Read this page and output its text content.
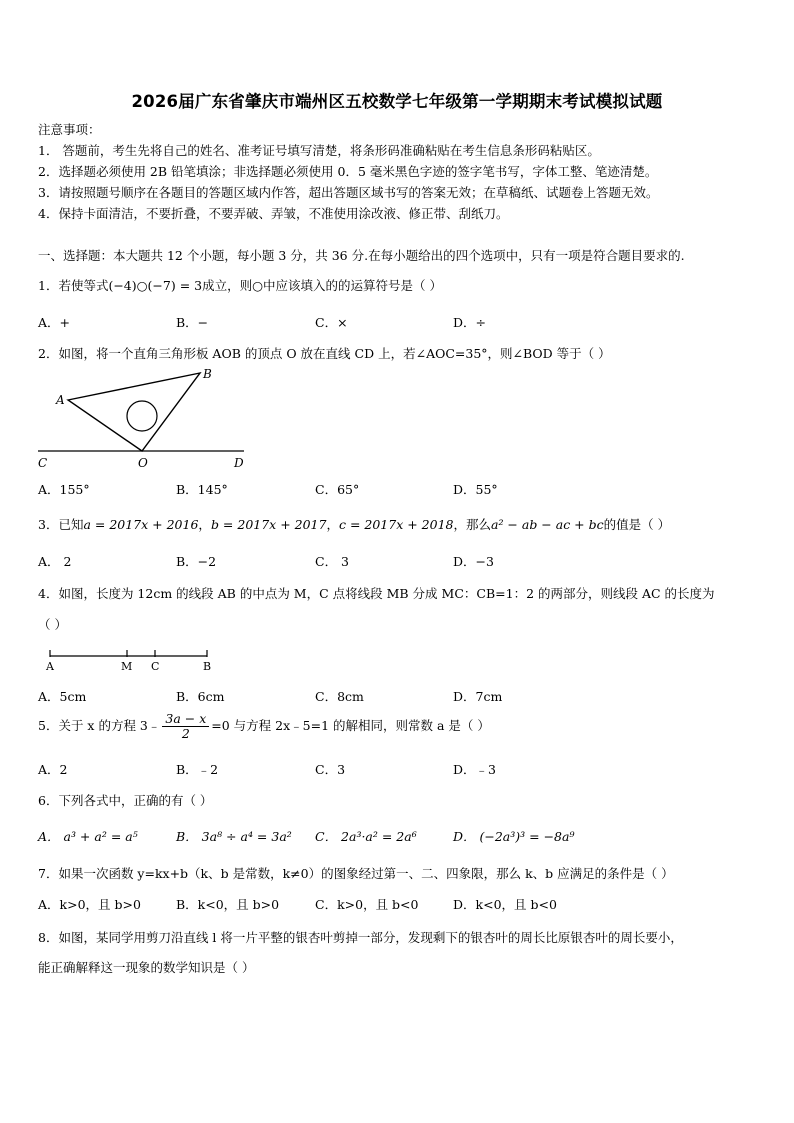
2026届广东省肇庆市端州区五校数学七年级第一学期期末考试模拟试题
注意事项：
1． 答题前，考生先将自己的姓名、准考证号填写清楚，将条形码准确粘贴在考生信息条形码粘贴区。
2．选择题必须使用 2B 铅笔填涂；非选择题必须使用 0．5 毫米黑色字迹的签字笔书写，字体工整、笔迹清楚。
3．请按照题号顺序在各题目的答题区域内作答，超出答题区域书写的答案无效；在草稿纸、试题卷上答题无效。
4．保持卡面清洁，不要折叠，不要弄破、弄皱，不准使用涂改液、修正带、刮纸刀。
一、选择题：本大题共 12 个小题，每小题 3 分，共 36 分.在每小题给出的四个选项中，只有一项是符合题目要求的.
1．若使等式(−4)○(−7) = 3成立，则○中应该填入的的运算符号是（ ）
A．+	B．−	C．×	D．÷
2．如图，将一个直角三角形板 AOB 的顶点 O 放在直线 CD 上，若∠AOC=35°，则∠BOD 等于（ ）
A
B
C	O	D
A．155°	B．145°	C．65°	D．55°
3．已知a = 2017x + 2016，b = 2017x + 2017，c = 2017x + 2018，那么a² − ab − ac + bc的值是（ ）
A． 2	B．−2	C． 3	D．−3
4．如图，长度为 12cm 的线段 AB 的中点为 M，C 点将线段 MB 分成 MC：CB=1：2 的两部分，则线段 AC 的长度为
（ ）
A	M C	B
A．5cm	B．6cm	C．8cm	D．7cm
5．关于 x 的方程 3﹣ $\frac{3a - x}{2} =0$ 与方程 2x﹣5=1 的解相同，则常数 a 是（ ）
A．2	B．﹣2	C．3	D．﹣3
6．下列各式中，正确的有（ ）
A． a³ + a² = a⁵	B． 3a⁸ ÷ a⁴ = 3a² C． 2a³·a² = 2a⁶	D． (−2a³)³ = −8a⁹
7．如果一次函数 y=kx+b（k、b 是常数，k≠0）的图象经过第一、二、四象限，那么 k、b 应满足的条件是（ ）
A．k>0，且 b>0	B．k<0，且 b>0	C．k>0，且 b<0	D．k<0，且 b<0
8．如图，某同学用剪刀沿直线 l 将一片平整的银杏叶剪掉一部分，发现剩下的银杏叶的周长比原银杏叶的周长要小，
能正确解释这一现象的数学知识是（ ）
